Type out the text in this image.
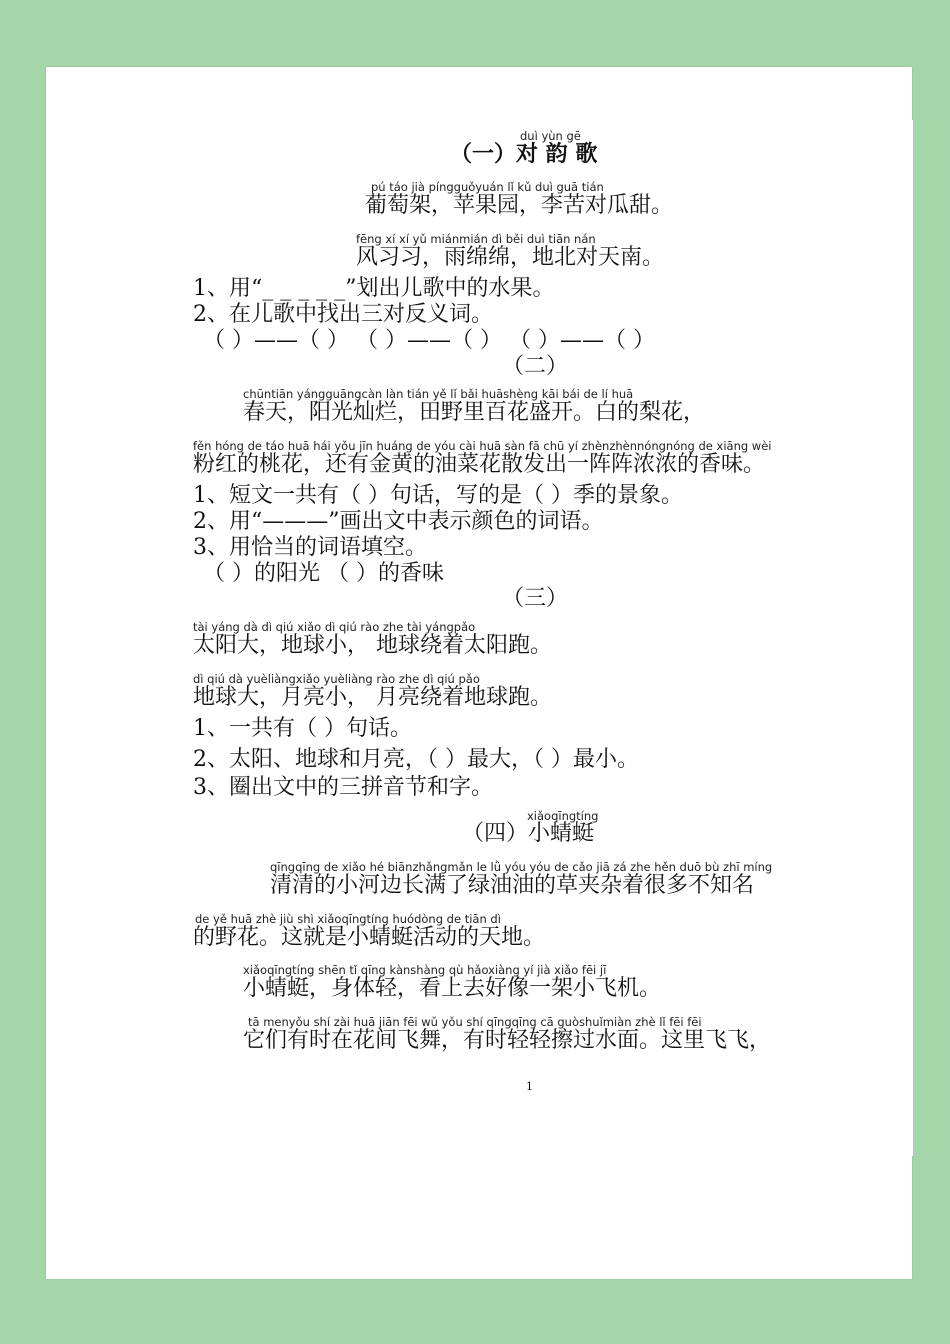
duì yùn gē
（一）对 韵 歌
pú táo jià píngguǒyuán lǐ kǔ duì guā tián
葡萄架，苹果园，李苦对瓜甜。
fēng xí xí yǔ miánmián dì běi duì tiān nán
风习习，雨绵绵，地北对天南。
1、用“_ _ _ _ _”划出儿歌中的水果。
2、在儿歌中找出三对反义词。
（ ）——（ ） （ ）——（ ） （ ）——（ ）
（二）
chūntiān yángguāngcàn làn tián yě lǐ bǎi huāshèng kāi bái de lí huā
春天，阳光灿烂，田野里百花盛开。白的梨花，
fěn hóng de táo huā hái yǒu jīn huáng de yóu cài huā sàn fā chū yí zhènzhènnóngnóng de xiāng wèi
粉红的桃花，还有金黄的油菜花散发出一阵阵浓浓的香味。
1、短文一共有（ ）句话，写的是（ ）季的景象。
2、用“———”画出文中表示颜色的词语。
3、用恰当的词语填空。
（ ）的阳光 （ ）的香味
（三）
tài yáng dà dì qiú xiǎo dì qiú rào zhe tài yángpǎo
太阳大，地球小， 地球绕着太阳跑。
dì qiú dà yuèliàngxiǎo yuèliàng rào zhe dì qiú pǎo
地球大，月亮小， 月亮绕着地球跑。
1、一共有（ ）句话。
2、太阳、地球和月亮，（ ）最大，（ ）最小。
3、圈出文中的三拼音节和字。
xiǎoqīngtíng
（四）小蜻蜓
qīngqīng de xiǎo hé biānzhǎngmǎn le lǜ yóu yóu de cǎo jiā zá zhe hěn duō bù zhī míng
清清的小河边长满了绿油油的草夹杂着很多不知名
de yě huā zhè jiù shì xiǎoqīngtíng huódòng de tiān dì
的野花。这就是小蜻蜓活动的天地。
xiǎoqīngtíng shēn tǐ qīng kànshàng qù hǎoxiàng yí jià xiǎo fēi jī
小蜻蜓，身体轻，看上去好像一架小飞机。
tā menyǒu shí zài huā jiān fēi wǔ yǒu shí qīngqīng cā guòshuǐmiàn zhè lǐ fēi fēi
它们有时在花间飞舞，有时轻轻擦过水面。这里飞飞，
1
